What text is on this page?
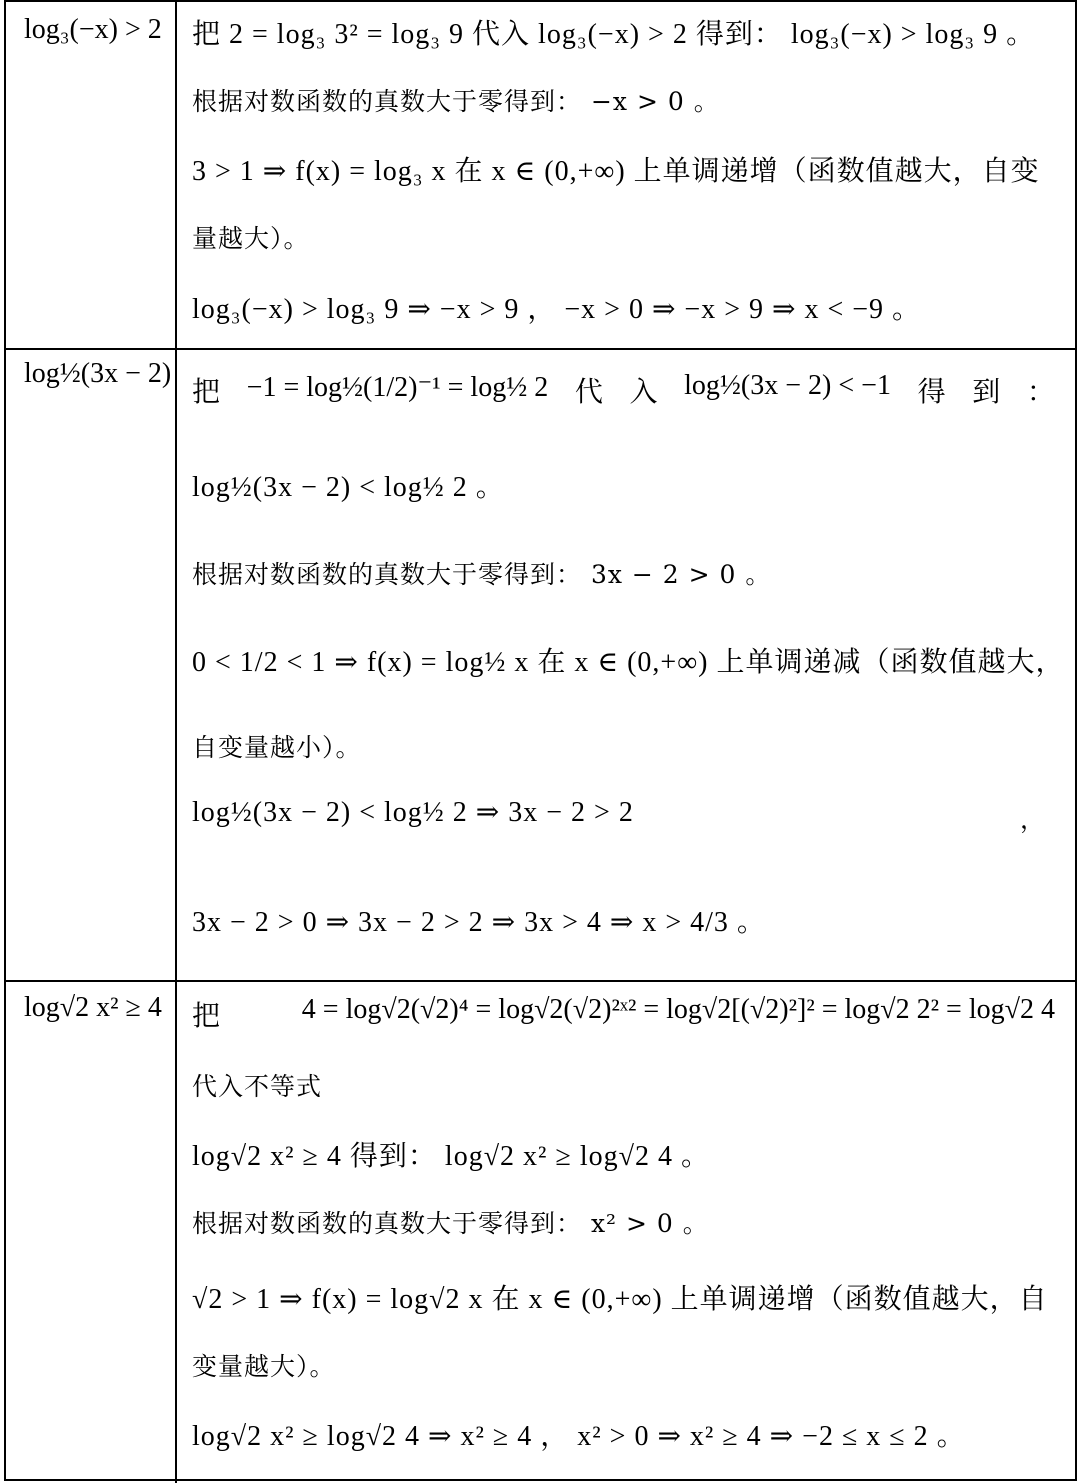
log₃(−x) > 2 把 2 = log₃ 3² = log₃ 9 代入 log₃(−x) > 2 得到： log₃(−x) > log₃ 9 。
根据对数函数的真数大于零得到： −x > 0 。
3 > 1 ⇒ f(x) = log₃ x 在 x ∈ (0,+∞) 上单调递增（函数值越大，自变
量越大）。
log₃(−x) > log₃ 9 ⇒ −x > 9 ， −x > 0 ⇒ −x > 9 ⇒ x < −9 。
log½(3x − 2)
把 −1 = log½(1/2)⁻¹ = log½ 2 代 入 log½(3x − 2) < −1 得 到 ：
log½(3x − 2) < log½ 2 。
根据对数函数的真数大于零得到： 3x − 2 > 0 。
0 < 1/2 < 1 ⇒ f(x) = log½ x 在 x ∈ (0,+∞) 上单调递减（函数值越大，
自变量越小）。
log½(3x − 2) < log½ 2 ⇒ 3x − 2 > 2	，
3x − 2 > 0 ⇒ 3x − 2 > 2 ⇒ 3x > 4 ⇒ x > 4/3 。
log√2 x² ≥ 4 把	4 = log√2(√2)⁴ = log√2(√2)²ˣ² = log√2[(√2)²]² = log√2 2² = log√2 4
代入不等式
log√2 x² ≥ 4 得到： log√2 x² ≥ log√2 4 。
根据对数函数的真数大于零得到： x² > 0 。
√2 > 1 ⇒ f(x) = log√2 x 在 x ∈ (0,+∞) 上单调递增（函数值越大，自
变量越大）。
log√2 x² ≥ log√2 4 ⇒ x² ≥ 4 ， x² > 0 ⇒ x² ≥ 4 ⇒ −2 ≤ x ≤ 2 。
